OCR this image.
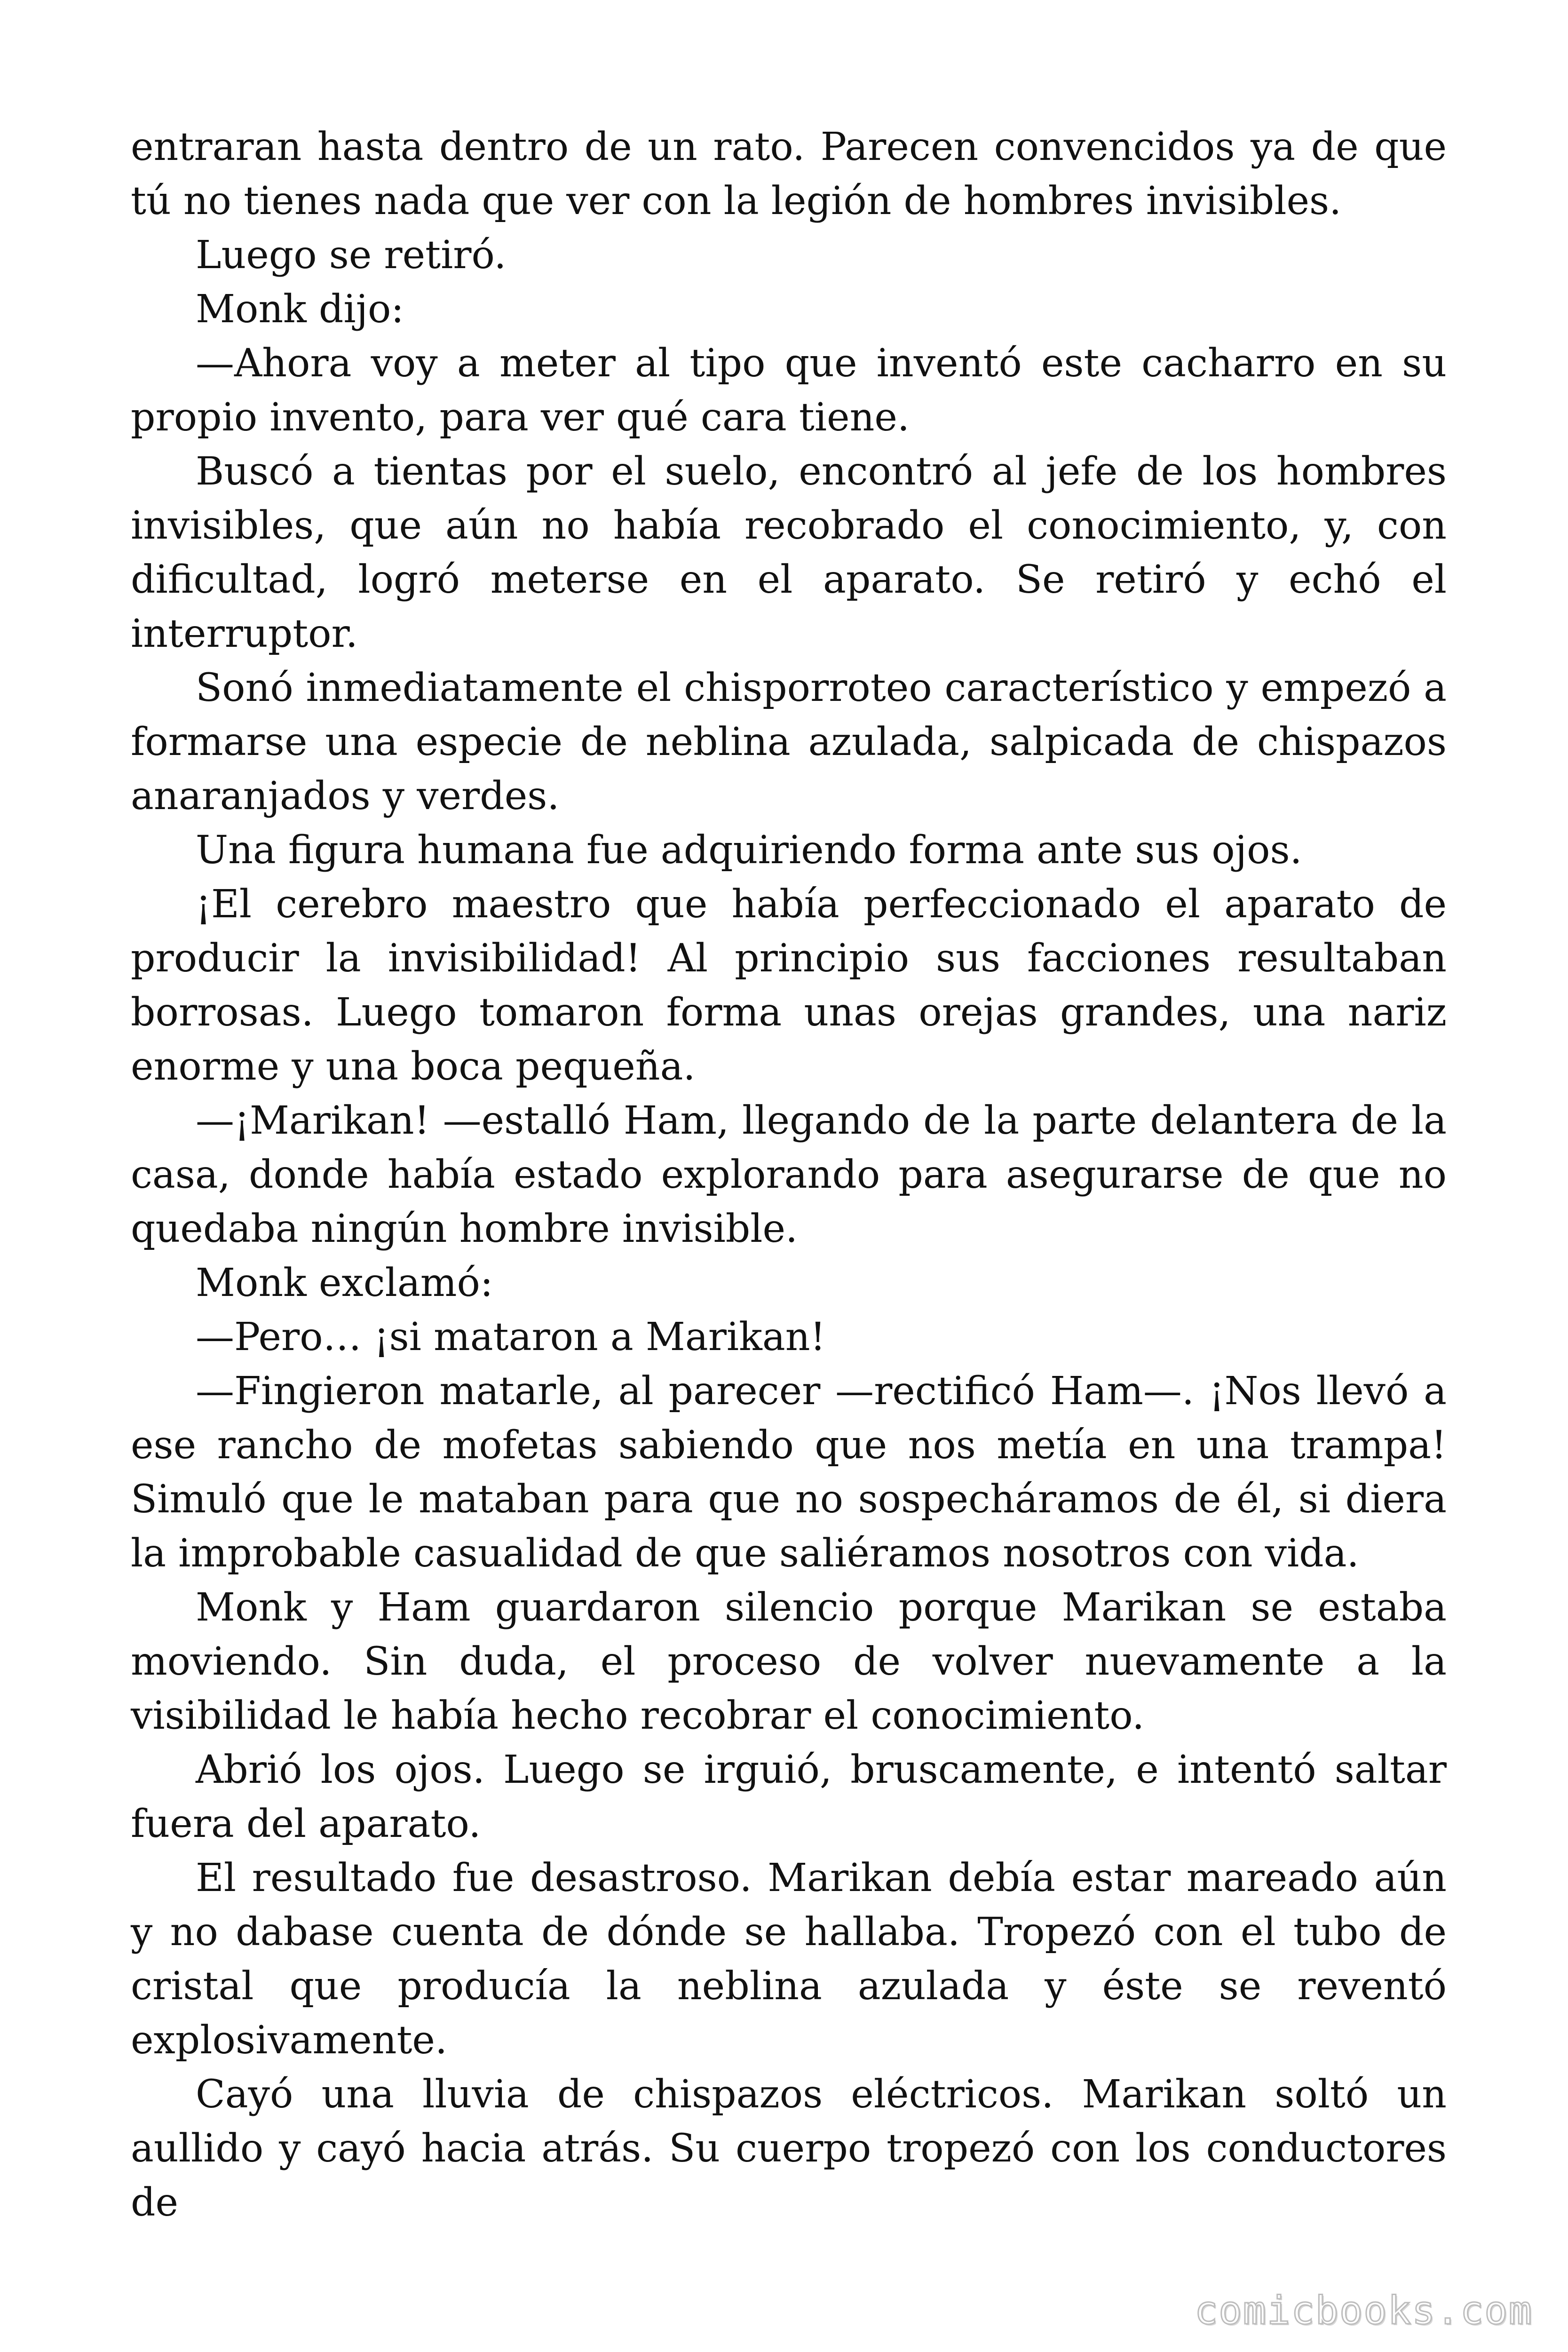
entraran hasta dentro de un rato. Parecen convencidos ya de que tú no tienes nada que ver con la legión de hombres invisibles.

Luego se retiró.

Monk dijo:

—Ahora voy a meter al tipo que inventó este cacharro en su propio invento, para ver qué cara tiene.

Buscó a tientas por el suelo, encontró al jefe de los hombres invisibles, que aún no había recobrado el conocimiento, y, con dificultad, logró meterse en el aparato. Se retiró y echó el interruptor.

Sonó inmediatamente el chisporroteo característico y empezó a formarse una especie de neblina azulada, salpicada de chispazos anaranjados y verdes.

Una figura humana fue adquiriendo forma ante sus ojos.

¡El cerebro maestro que había perfeccionado el aparato de producir la invisibilidad! Al principio sus facciones resultaban borrosas. Luego tomaron forma unas orejas grandes, una nariz enorme y una boca pequeña.

—¡Marikan! —estalló Ham, llegando de la parte delantera de la casa, donde había estado explorando para asegurarse de que no quedaba ningún hombre invisible.

Monk exclamó:

—Pero… ¡si mataron a Marikan!

—Fingieron matarle, al parecer —rectificó Ham—. ¡Nos llevó a ese rancho de mofetas sabiendo que nos metía en una trampa! Simuló que le mataban para que no sospecháramos de él, si diera la improbable casualidad de que saliéramos nosotros con vida.

Monk y Ham guardaron silencio porque Marikan se estaba moviendo. Sin duda, el proceso de volver nuevamente a la visibilidad le había hecho recobrar el conocimiento.

Abrió los ojos. Luego se irguió, bruscamente, e intentó saltar fuera del aparato.

El resultado fue desastroso. Marikan debía estar mareado aún y no dabase cuenta de dónde se hallaba. Tropezó con el tubo de cristal que producía la neblina azulada y éste se reventó explosivamente.

Cayó una lluvia de chispazos eléctricos. Marikan soltó un aullido y cayó hacia atrás. Su cuerpo tropezó con los conductores de

comicbooks.com
